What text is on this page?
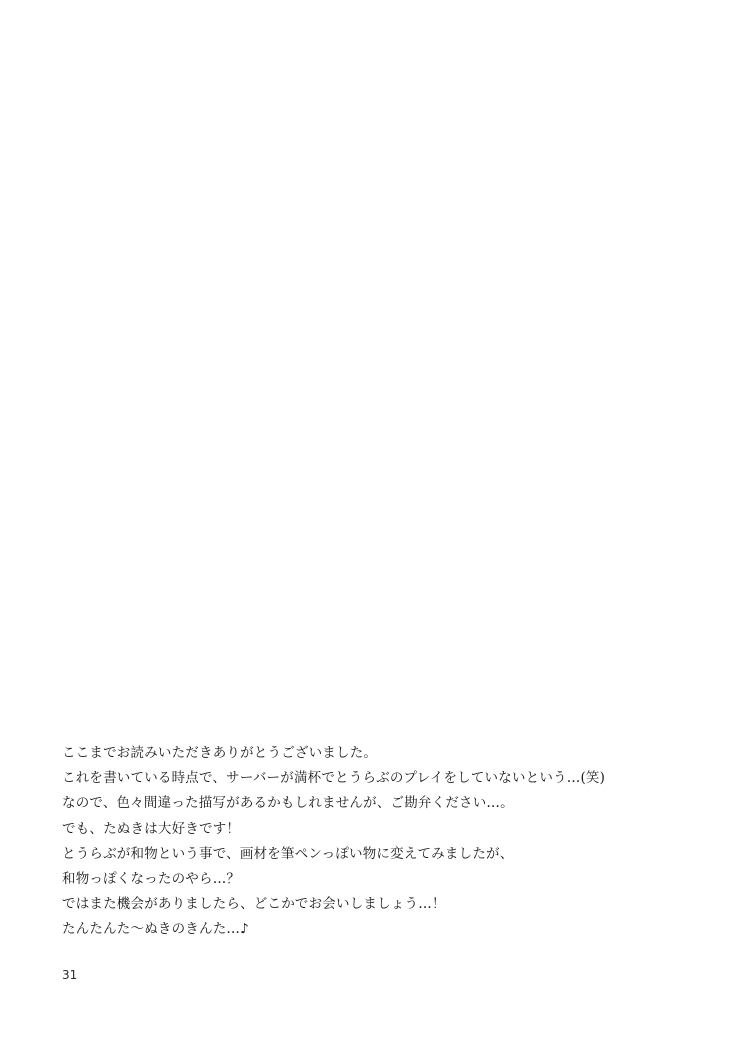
ここまでお読みいただきありがとうございました。

これを書いている時点で、サーバーが満杯でとうらぶのプレイをしていないという…(笑)

なので、色々間違った描写があるかもしれませんが、ご勘弁ください…。

でも、たぬきは大好きです！

とうらぶが和物という事で、画材を筆ペンっぽい物に変えてみましたが、

和物っぽくなったのやら…？

ではまた機会がありましたら、どこかでお会いしましょう…！

たんたんた〜ぬきのきんた…♪

31
